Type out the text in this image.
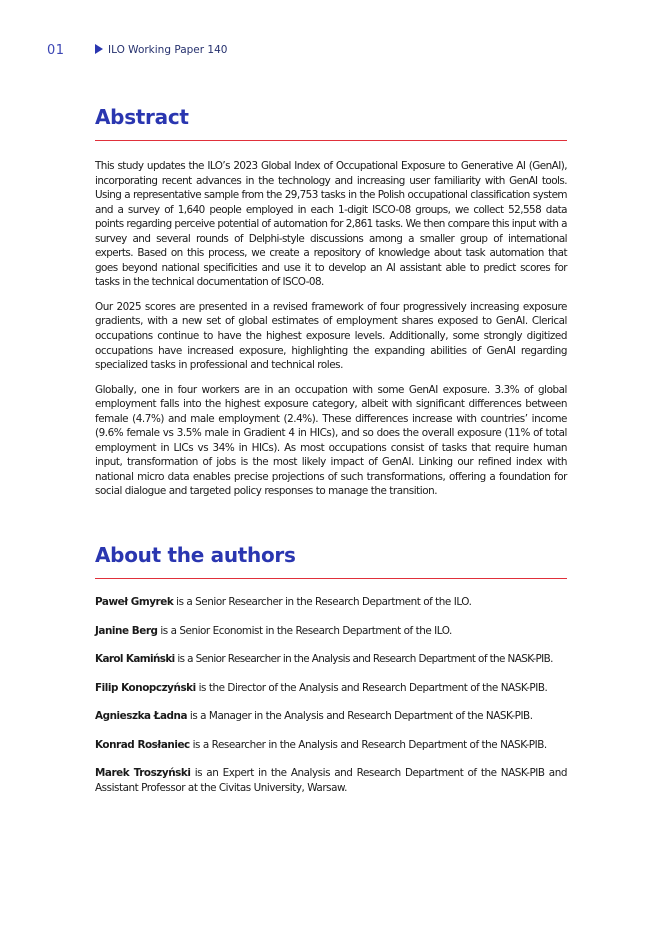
01	ILO Working Paper 140
Abstract

This study updates the ILO’s 2023 Global Index of Occupational Exposure to Generative AI (GenAI), incorporating recent advances in the technology and increasing user familiarity with GenAI tools. Using a representative sample from the 29,753 tasks in the Polish occupational classification system and a survey of 1,640 people employed in each 1-digit ISCO-08 groups, we collect 52,558 data points regarding perceive potential of automation for 2,861 tasks. We then compare this input with a survey and several rounds of Delphi-style discussions among a smaller group of international experts. Based on this process, we create a repository of knowledge about task automation that goes beyond national specificities and use it to develop an AI assistant able to predict scores for tasks in the technical documentation of ISCO-08.

Our 2025 scores are presented in a revised framework of four progressively increasing exposure gradients, with a new set of global estimates of employment shares exposed to GenAI. Clerical occupations continue to have the highest exposure levels. Additionally, some strongly digitized occupations have increased exposure, highlighting the expanding abilities of GenAI regarding specialized tasks in professional and technical roles.

Globally, one in four workers are in an occupation with some GenAI exposure. 3.3% of global employment falls into the highest exposure category, albeit with significant differences between female (4.7%) and male employment (2.4%). These differences increase with countries’ income (9.6% female vs 3.5% male in Gradient 4 in HICs), and so does the overall exposure (11% of total employment in LICs vs 34% in HICs). As most occupations consist of tasks that require human input, transformation of jobs is the most likely impact of GenAI. Linking our refined index with national micro data enables precise projections of such transformations, offering a foundation for social dialogue and targeted policy responses to manage the transition.

About the authors

Paweł Gmyrek is a Senior Researcher in the Research Department of the ILO.

Janine Berg is a Senior Economist in the Research Department of the ILO.

Karol Kamiński is a Senior Researcher in the Analysis and Research Department of the NASK-PIB.

Filip Konopczyński is the Director of the Analysis and Research Department of the NASK-PIB.

Agnieszka Ładna is a Manager in the Analysis and Research Department of the NASK-PIB.

Konrad Rosłaniec is a Researcher in the Analysis and Research Department of the NASK-PIB.

Marek Troszyński is an Expert in the Analysis and Research Department of the NASK-PIB and Assistant Professor at the Civitas University, Warsaw.
